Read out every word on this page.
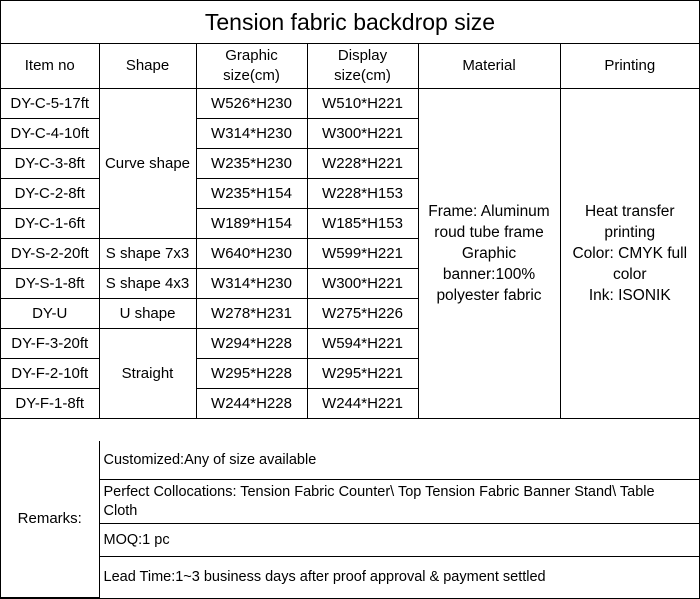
Tension fabric backdrop size
Item no	Shape	Graphic size(cm)	Display size(cm)	Material	Printing
DY-C-5-17ft	Curve shape	W526*H230	W510*H221	Frame: Aluminum roud tube frame Graphic banner:100% polyester fabric	Heat transfer printing
Color: CMYK full color
Ink: ISONIK

DY-C-4-10ft		W314*H230	W300*H221		
DY-C-3-8ft		W235*H230	W228*H221		
DY-C-2-8ft		W235*H154	W228*H153		
DY-C-1-6ft		W189*H154	W185*H153		
DY-S-2-20ft	S shape 7x3	W640*H230	W599*H221		
DY-S-1-8ft	S shape 4x3	W314*H230	W300*H221		
DY-U	U shape	W278*H231	W275*H226		
DY-F-3-20ft	Straight	W294*H228	W594*H221		
DY-F-2-10ft		W295*H228	W295*H221		
DY-F-1-8ft		W244*H228	W244*H221		
Remarks:	Customized:Any of size available

Perfect Collocations: Tension Fabric Counter\ Top Tension Fabric Banner Stand\ Table Cloth

MOQ:1 pc
Lead Time:1~3 business days after proof approval & payment settled
